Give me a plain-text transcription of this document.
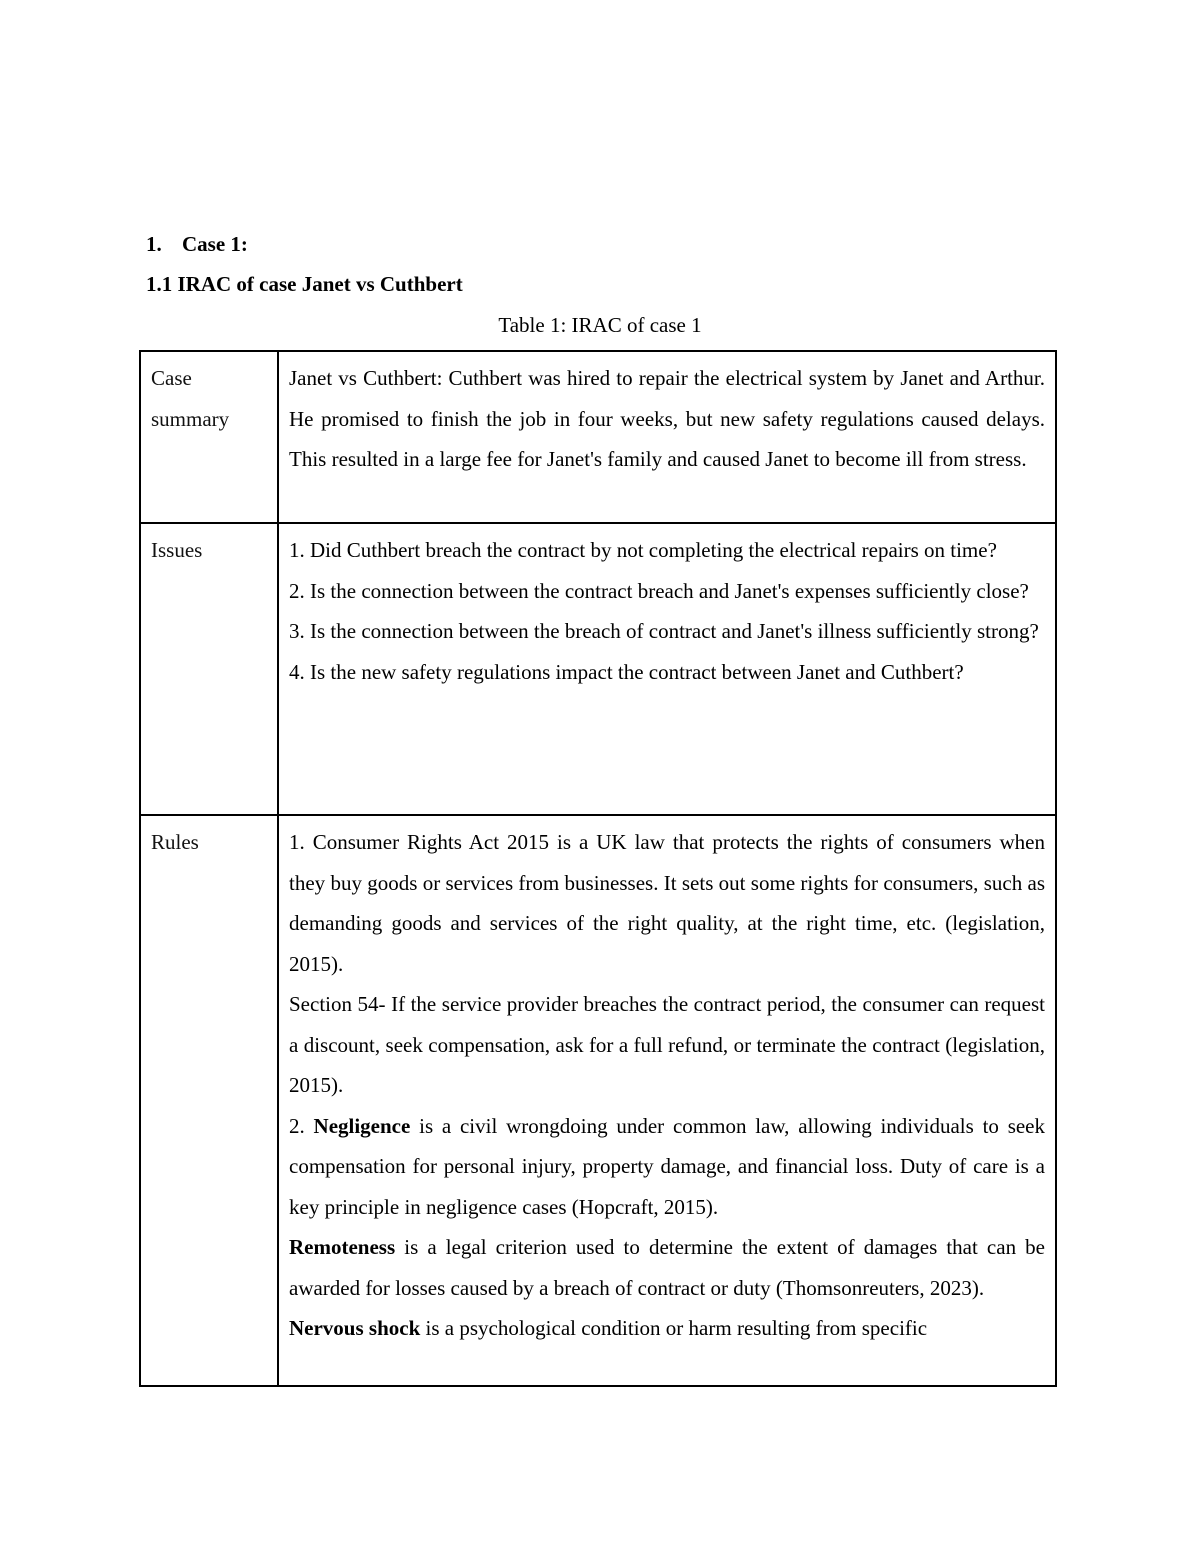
1. Case 1:
1.1 IRAC of case Janet vs Cuthbert
Table 1: IRAC of case 1
Case summary	Janet vs Cuthbert: Cuthbert was hired to repair the electrical system by Janet and Arthur. He promised to finish the job in four weeks, but new safety regulations caused delays. This resulted in a large fee for Janet's family and caused Janet to become ill from stress.

Issues	1. Did Cuthbert breach the contract by not completing the electrical repairs on time?

2. Is the connection between the contract breach and Janet's expenses sufficiently close?

3. Is the connection between the breach of contract and Janet's illness sufficiently strong?

4. Is the new safety regulations impact the contract between Janet and Cuthbert?

Rules	1. Consumer Rights Act 2015 is a UK law that protects the rights of consumers when they buy goods or services from businesses. It sets out some rights for consumers, such as demanding goods and services of the right quality, at the right time, etc. (legislation, 2015).

Section 54- If the service provider breaches the contract period, the consumer can request a discount, seek compensation, ask for a full refund, or terminate the contract (legislation, 2015).

2. Negligence is a civil wrongdoing under common law, allowing individuals to seek compensation for personal injury, property damage, and financial loss. Duty of care is a key principle in negligence cases (Hopcraft, 2015).

Remoteness is a legal criterion used to determine the extent of damages that can be awarded for losses caused by a breach of contract or duty (Thomsonreuters, 2023).

Nervous shock is a psychological condition or harm resulting from specific
